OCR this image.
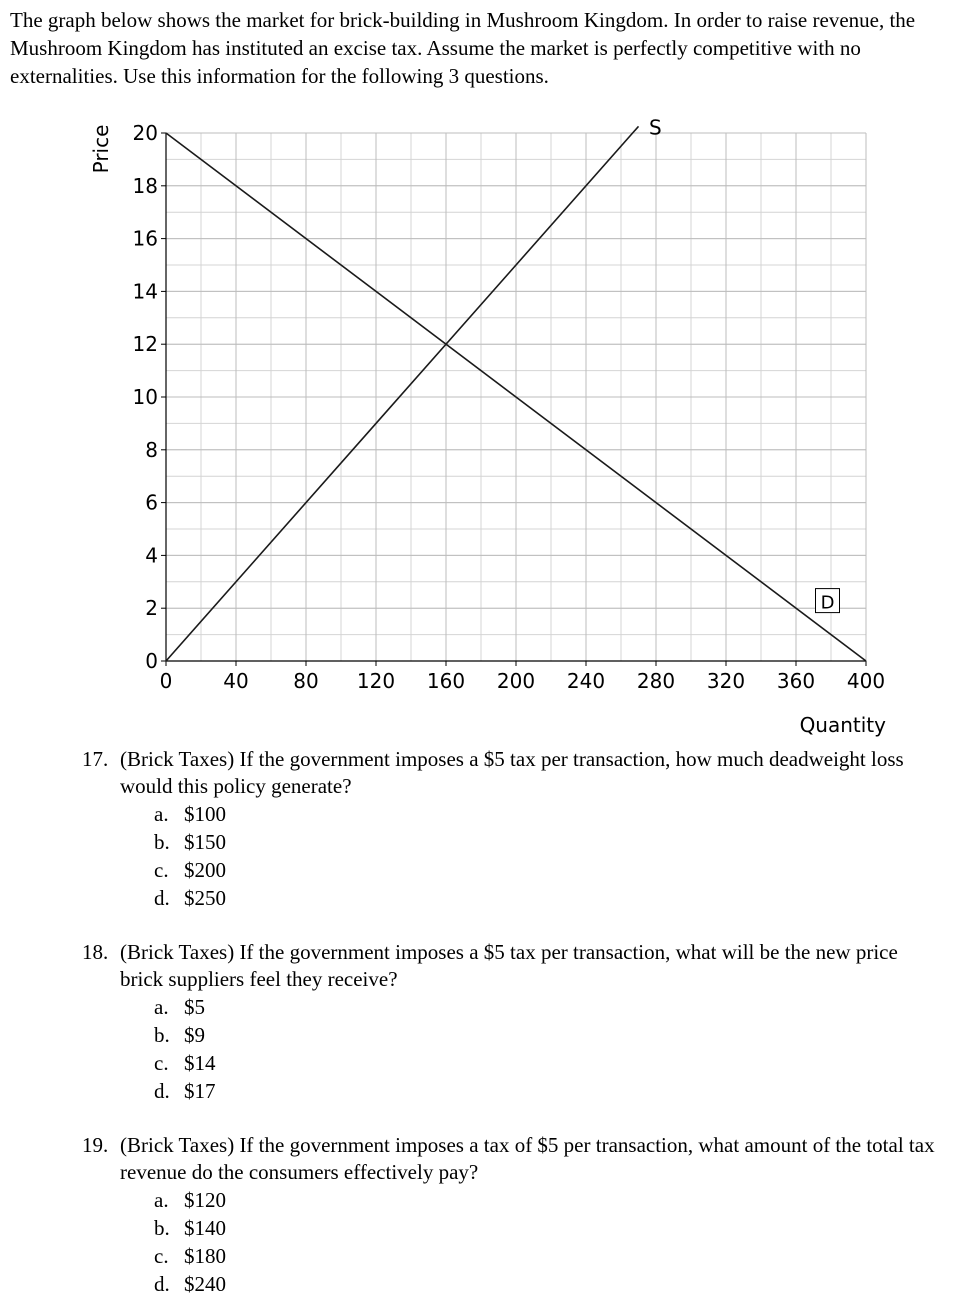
The graph below shows the market for brick-building in Mushroom Kingdom. In order to raise revenue, the Mushroom Kingdom has instituted an excise tax. Assume the market is perfectly competitive with no externalities. Use this information for the following 3 questions.

0	40 80 120 160 200 240 280 320 360 400
0
2
4
6
8
10
12
14
16
18
20
Price
Quantity
S
D
17. (Brick Taxes) If the government imposes a $5 tax per transaction, how much deadweight loss would this policy generate?
a. $100
b. $150
c. $200
d. $250
18. (Brick Taxes) If the government imposes a $5 tax per transaction, what will be the new price brick suppliers feel they receive?
a. $5
b. $9
c. $14
d. $17
19. (Brick Taxes) If the government imposes a tax of $5 per transaction, what amount of the total tax revenue do the consumers effectively pay?
a. $120
b. $140
c. $180
d. $240
